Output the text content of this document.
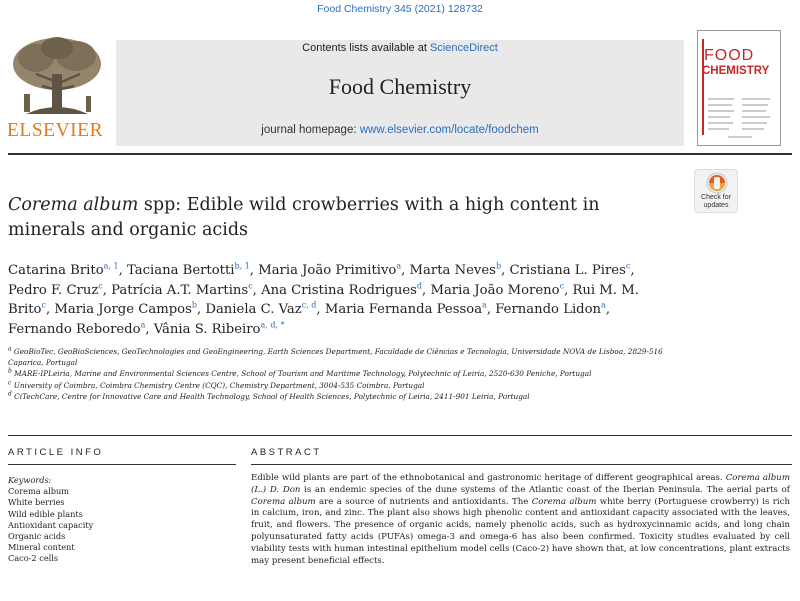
Food Chemistry 345 (2021) 128732
ELSEVIER
Contents lists available at ScienceDirect
Food Chemistry
journal homepage: www.elsevier.com/locate/foodchem
FOOD
CHEMISTRY
Corema album spp: Edible wild crowberries with a high content in minerals and organic acids
Check for
updates
Catarina Brito$^{a, 1}$, Taciana Bertotti$^{b, 1}$, Maria João Primitivo$^a$, Marta Neves$^b$, Cristiana L. Pires$^c$, Pedro F. Cruz$^c$, Patrícia A.T. Martins$^c$, Ana Cristina Rodrigues$^d$, Maria João Moreno$^c$, Rui M. M. Brito$^c$, Maria Jorge Campos$^b$, Daniela C. Vaz$^{c, d}$, Maria Fernanda Pessoa$^a$, Fernando Lidon$^a$, Fernando Reboredo$^a$, Vânia S. Ribeiro$^{a, d, *}$
$^a$ GeoBioTec, GeoBioSciences, GeoTechnologies and GeoEngineering, Earth Sciences Department, Faculdade de Ciências e Tecnologia, Universidade NOVA de Lisboa, 2829-516 Caparica, Portugal
$^b$ MARE-IPLeiria, Marine and Environmental Sciences Centre, School of Tourism and Maritime Technology, Polytechnic of Leiria, 2520-630 Peniche, Portugal
$^c$ University of Coimbra, Coimbra Chemistry Centre (CQC), Chemistry Department, 3004-535 Coimbra, Portugal
$^d$ CiTechCare, Centre for Innovative Care and Health Technology, School of Health Sciences, Polytechnic of Leiria, 2411-901 Leiria, Portugal
ARTICLE INFO	ABSTRACT
Keywords:
Corema album
White berries
Wild edible plants
Antioxidant capacity
Organic acids
Mineral content
Caco-2 cells
Edible wild plants are part of the ethnobotanical and gastronomic heritage of different geographical areas. Corema album (L.) D. Don is an endemic species of the dune systems of the Atlantic coast of the Iberian Peninsula. The aerial parts of Corema album are a source of nutrients and antioxidants. The Corema album white berry (Portuguese crowberry) is rich in calcium, iron, and zinc. The plant also shows high phenolic content and antioxidant capacity associated with the leaves, fruit, and flowers. The presence of organic acids, namely phenolic acids, such as hydroxycinnamic acids, and long chain polyunsaturated fatty acids (PUFAs) omega-3 and omega-6 has also been confirmed. Toxicity studies evaluated by cell viability tests with human intestinal epithelium model cells (Caco-2) have shown that, at low concentrations, plant extracts may present beneficial effects.
